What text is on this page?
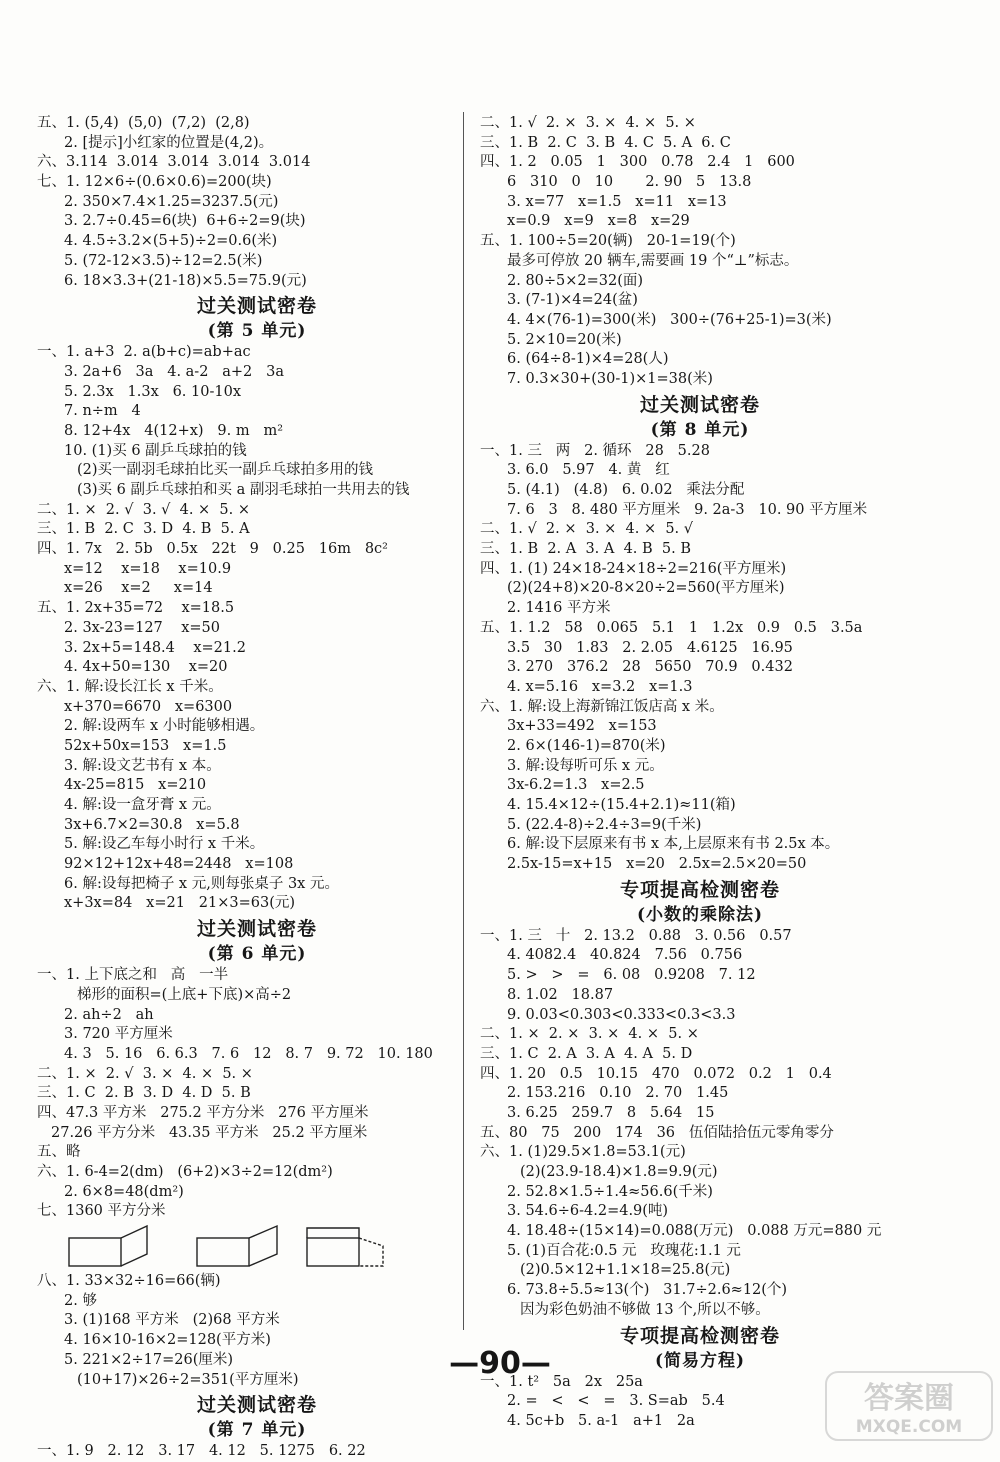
五、1. (5,4)  (5,0)  (7,2)  (2,8)
2. [提示]小红家的位置是(4,2)。
六、3.114  3.014  3.014  3.014  3.014
七、1. 12×6÷(0.6×0.6)=200(块)
2. 350×7.4×1.25=3237.5(元)
3. 2.7÷0.45=6(块)  6+6÷2=9(块)
4. 4.5÷3.2×(5+5)÷2=0.6(米)
5. (72-12×3.5)÷12=2.5(米)
6. 18×3.3+(21-18)×5.5=75.9(元)
过关测试密卷
(第 5 单元)
一、1. a+3  2. a(b+c)=ab+ac
3. 2a+6   3a   4. a-2   a+2   3a
5. 2.3x   1.3x   6. 10-10x
7. n÷m   4
8. 12+4x   4(12+x)   9. m   m²
10. (1)买 6 副乒乓球拍的钱
(2)买一副羽毛球拍比买一副乒乓球拍多用的钱
(3)买 6 副乒乓球拍和买 a 副羽毛球拍一共用去的钱
二、1. ×  2. √  3. √  4. ×  5. ×
三、1. B  2. C  3. D  4. B  5. A
四、1. 7x   2. 5b   0.5x   22t   9   0.25   16m   8c²
x=12    x=18    x=10.9
x=26    x=2     x=14
五、1. 2x+35=72    x=18.5
2. 3x-23=127    x=50
3. 2x+5=148.4    x=21.2
4. 4x+50=130    x=20
六、1. 解:设长江长 x 千米。
x+370=6670   x=6300
2. 解:设两车 x 小时能够相遇。
52x+50x=153   x=1.5
3. 解:设文艺书有 x 本。
4x-25=815   x=210
4. 解:设一盒牙膏 x 元。
3x+6.7×2=30.8   x=5.8
5. 解:设乙车每小时行 x 千米。
92×12+12x+48=2448   x=108
6. 解:设每把椅子 x 元,则每张桌子 3x 元。
x+3x=84   x=21   21×3=63(元)
过关测试密卷
(第 6 单元)
一、1. 上下底之和   高   一半
梯形的面积=(上底+下底)×高÷2
2. ah÷2   ah
3. 720 平方厘米
4. 3   5. 16   6. 6.3   7. 6   12   8. 7   9. 72   10. 180
二、1. ×  2. √  3. ×  4. ×  5. ×
三、1. C  2. B  3. D  4. D  5. B
四、47.3 平方米   275.2 平方分米   276 平方厘米
27.26 平方分米   43.35 平方米   25.2 平方厘米
五、略
六、1. 6-4=2(dm)   (6+2)×3÷2=12(dm²)
2. 6×8=48(dm²)
七、1360 平方分米
八、1. 33×32÷16=66(辆)
2. 够
3. (1)168 平方米   (2)68 平方米
4. 16×10-16×2=128(平方米)
5. 221×2÷17=26(厘米)
(10+17)×26÷2=351(平方厘米)
过关测试密卷
(第 7 单元)
一、1. 9   2. 12   3. 17   4. 12   5. 1275   6. 22
二、1. √  2. ×  3. ×  4. ×  5. ×
三、1. B  2. C  3. B  4. C  5. A  6. C
四、1. 2   0.05   1   300   0.78   2.4   1   600
6   310   0   10       2. 90   5   13.8
3. x=77   x=1.5   x=11   x=13
x=0.9   x=9   x=8   x=29
五、1. 100÷5=20(辆)   20-1=19(个)
最多可停放 20 辆车,需要画 19 个“⊥”标志。
2. 80÷5×2=32(面)
3. (7-1)×4=24(盆)
4. 4×(76-1)=300(米)   300÷(76+25-1)=3(米)
5. 2×10=20(米)
6. (64÷8-1)×4=28(人)
7. 0.3×30+(30-1)×1=38(米)
过关测试密卷
(第 8 单元)
一、1. 三   两   2. 循环   28   5.28
3. 6.0   5.97   4. 黄   红
5. (4.1)   (4.8)   6. 0.02   乘法分配
7. 6   3   8. 480 平方厘米   9. 2a-3   10. 90 平方厘米
二、1. √  2. ×  3. ×  4. ×  5. √
三、1. B  2. A  3. A  4. B  5. B
四、1. (1) 24×18-24×18÷2=216(平方厘米)
(2)(24+8)×20-8×20÷2=560(平方厘米)
2. 1416 平方米
五、1. 1.2   58   0.065   5.1   1   1.2x   0.9   0.5   3.5a
3.5   30   1.83   2. 2.05   4.6125   16.95
3. 270   376.2   28   5650   70.9   0.432
4. x=5.16   x=3.2   x=1.3
六、1. 解:设上海新锦江饭店高 x 米。
3x+33=492   x=153
2. 6×(146-1)=870(米)
3. 解:设每听可乐 x 元。
3x-6.2=1.3   x=2.5
4. 15.4×12÷(15.4+2.1)≈11(箱)
5. (22.4-8)÷2.4÷3=9(千米)
6. 解:设下层原来有书 x 本,上层原来有书 2.5x 本。
2.5x-15=x+15   x=20   2.5x=2.5×20=50
专项提高检测密卷
(小数的乘除法)
一、1. 三   十   2. 13.2   0.88   3. 0.56   0.57
4. 4082.4   40.824   7.56   0.756
5. >   >   =   6. 08   0.9208   7. 12
8. 1.02   18.87
9. 0.03<0.303<0.333<0.3<3.3
二、1. ×  2. ×  3. ×  4. ×  5. ×
三、1. C  2. A  3. A  4. A  5. D
四、1. 20   0.5   10.15   470   0.072   0.2   1   0.4
2. 153.216   0.10   2. 70   1.45
3. 6.25   259.7   8   5.64   15
五、80   75   200   174   36   伍佰陆拾伍元零角零分
六、1. (1)29.5×1.8=53.1(元)
(2)(23.9-18.4)×1.8=9.9(元)
2. 52.8×1.5÷1.4≈56.6(千米)
3. 54.6÷6-4.2=4.9(吨)
4. 18.48÷(15×14)=0.088(万元)   0.088 万元=880 元
5. (1)百合花:0.5 元   玫瑰花:1.1 元
(2)0.5×12+1.1×18=25.8(元)
6. 73.8÷5.5≈13(个)   31.7÷2.6≈12(个)
因为彩色奶油不够做 13 个,所以不够。
专项提高检测密卷
(简易方程)
一、1. t²   5a   2x   25a
2. =   <   <   =   3. S=ab   5.4
4. 5c+b   5. a-1   a+1   2a
—90—
答案圈
MXQE.COM
